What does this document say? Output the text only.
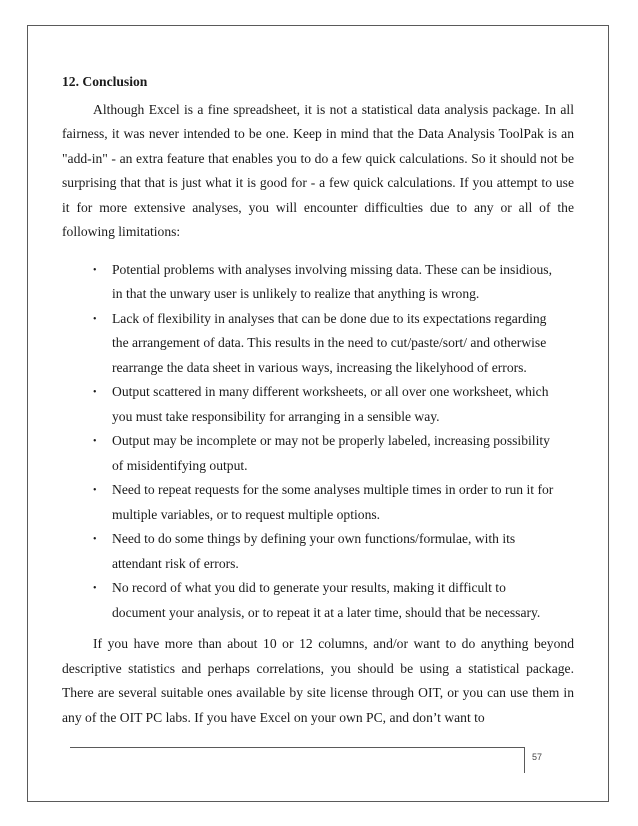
12. Conclusion

Although Excel is a fine spreadsheet, it is not a statistical data analysis package. In all fairness, it was never intended to be one. Keep in mind that the Data Analysis ToolPak is an "add-in" - an extra feature that enables you to do a few quick calculations. So it should not be surprising that that is just what it is good for - a few quick calculations. If you attempt to use it for more extensive analyses, you will encounter difficulties due to any or all of the following limitations:

• Potential problems with analyses involving missing data. These can be insidious, in that the unwary user is unlikely to realize that anything is wrong.
• Lack of flexibility in analyses that can be done due to its expectations regarding the arrangement of data. This results in the need to cut/paste/sort/ and otherwise rearrange the data sheet in various ways, increasing the likelyhood of errors.
• Output scattered in many different worksheets, or all over one worksheet, which you must take responsibility for arranging in a sensible way.
• Output may be incomplete or may not be properly labeled, increasing possibility of misidentifying output.
• Need to repeat requests for the some analyses multiple times in order to run it for multiple variables, or to request multiple options.
• Need to do some things by defining your own functions/formulae, with its attendant risk of errors.
• No record of what you did to generate your results, making it difficult to document your analysis, or to repeat it at a later time, should that be necessary.

If you have more than about 10 or 12 columns, and/or want to do anything beyond descriptive statistics and perhaps correlations, you should be using a statistical package. There are several suitable ones available by site license through OIT, or you can use them in any of the OIT PC labs. If you have Excel on your own PC, and don’t want to

57
